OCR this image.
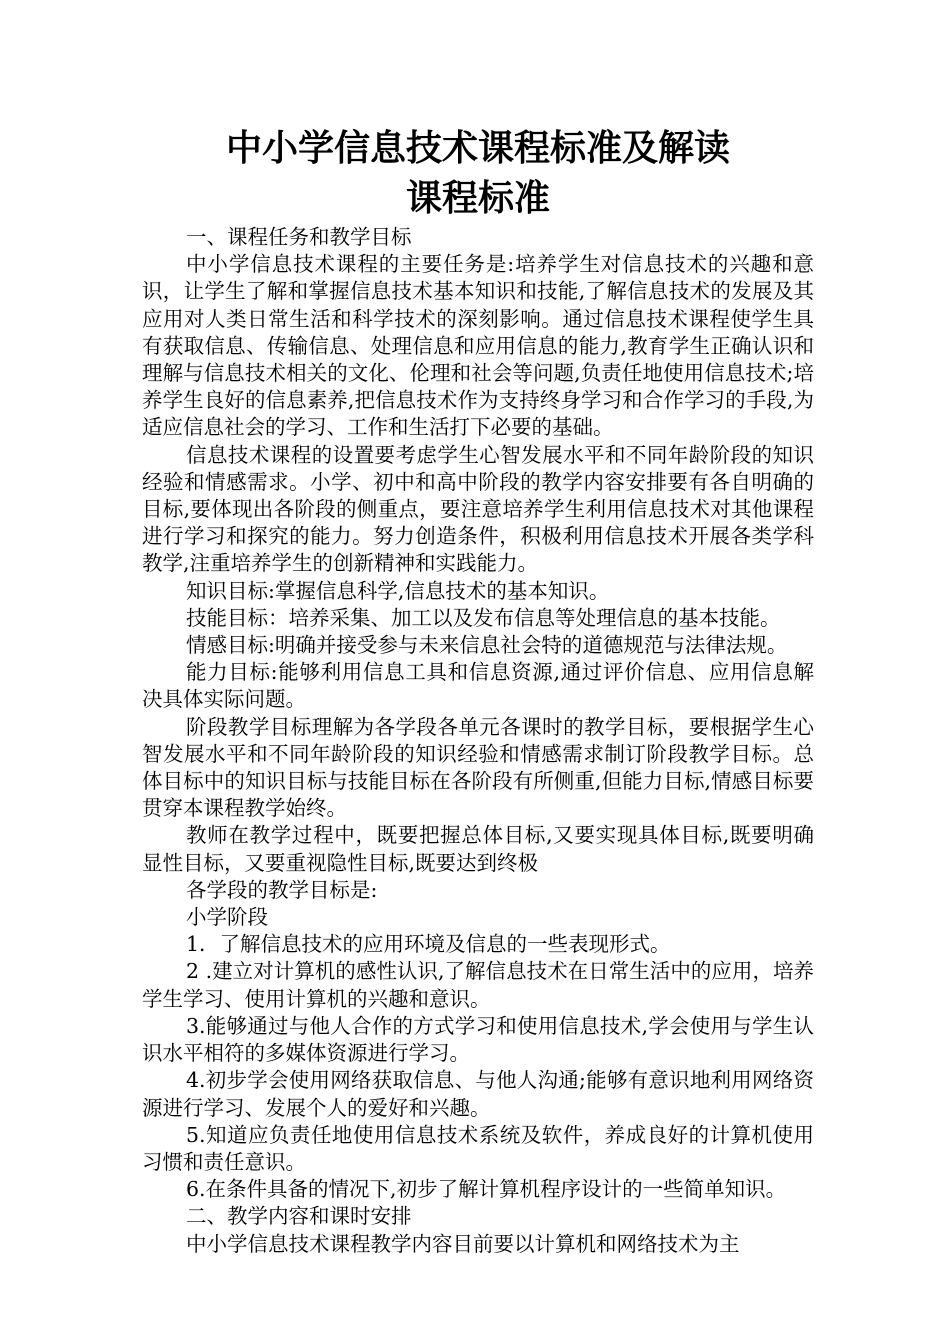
中小学信息技术课程标准及解读
课程标准

一、课程任务和教学目标

中小学信息技术课程的主要任务是:培养学生对信息技术的兴趣和意识，让学生了解和掌握信息技术基本知识和技能,了解信息技术的发展及其应用对人类日常生活和科学技术的深刻影响。通过信息技术课程使学生具有获取信息、传输信息、处理信息和应用信息的能力,教育学生正确认识和理解与信息技术相关的文化、伦理和社会等问题,负责任地使用信息技术;培养学生良好的信息素养,把信息技术作为支持终身学习和合作学习的手段,为适应信息社会的学习、工作和生活打下必要的基础。

信息技术课程的设置要考虑学生心智发展水平和不同年龄阶段的知识经验和情感需求。小学、初中和高中阶段的教学内容安排要有各自明确的目标,要体现出各阶段的侧重点，要注意培养学生利用信息技术对其他课程进行学习和探究的能力。努力创造条件，积极利用信息技术开展各类学科教学,注重培养学生的创新精神和实践能力。

知识目标:掌握信息科学,信息技术的基本知识。

技能目标：培养采集、加工以及发布信息等处理信息的基本技能。

情感目标:明确并接受参与未来信息社会特的道德规范与法律法规。

能力目标:能够利用信息工具和信息资源,通过评价信息、应用信息解决具体实际问题。

阶段教学目标理解为各学段各单元各课时的教学目标，要根据学生心智发展水平和不同年龄阶段的知识经验和情感需求制订阶段教学目标。总体目标中的知识目标与技能目标在各阶段有所侧重,但能力目标,情感目标要贯穿本课程教学始终。

教师在教学过程中，既要把握总体目标,又要实现具体目标,既要明确显性目标，又要重视隐性目标,既要达到终极

各学段的教学目标是:

小学阶段

1．了解信息技术的应用环境及信息的一些表现形式。

2 .建立对计算机的感性认识,了解信息技术在日常生活中的应用，培养学生学习、使用计算机的兴趣和意识。

3.能够通过与他人合作的方式学习和使用信息技术,学会使用与学生认识水平相符的多媒体资源进行学习。

4.初步学会使用网络获取信息、与他人沟通;能够有意识地利用网络资源进行学习、发展个人的爱好和兴趣。

5.知道应负责任地使用信息技术系统及软件，养成良好的计算机使用习惯和责任意识。

6.在条件具备的情况下,初步了解计算机程序设计的一些简单知识。

二、教学内容和课时安排

中小学信息技术课程教学内容目前要以计算机和网络技术为主
